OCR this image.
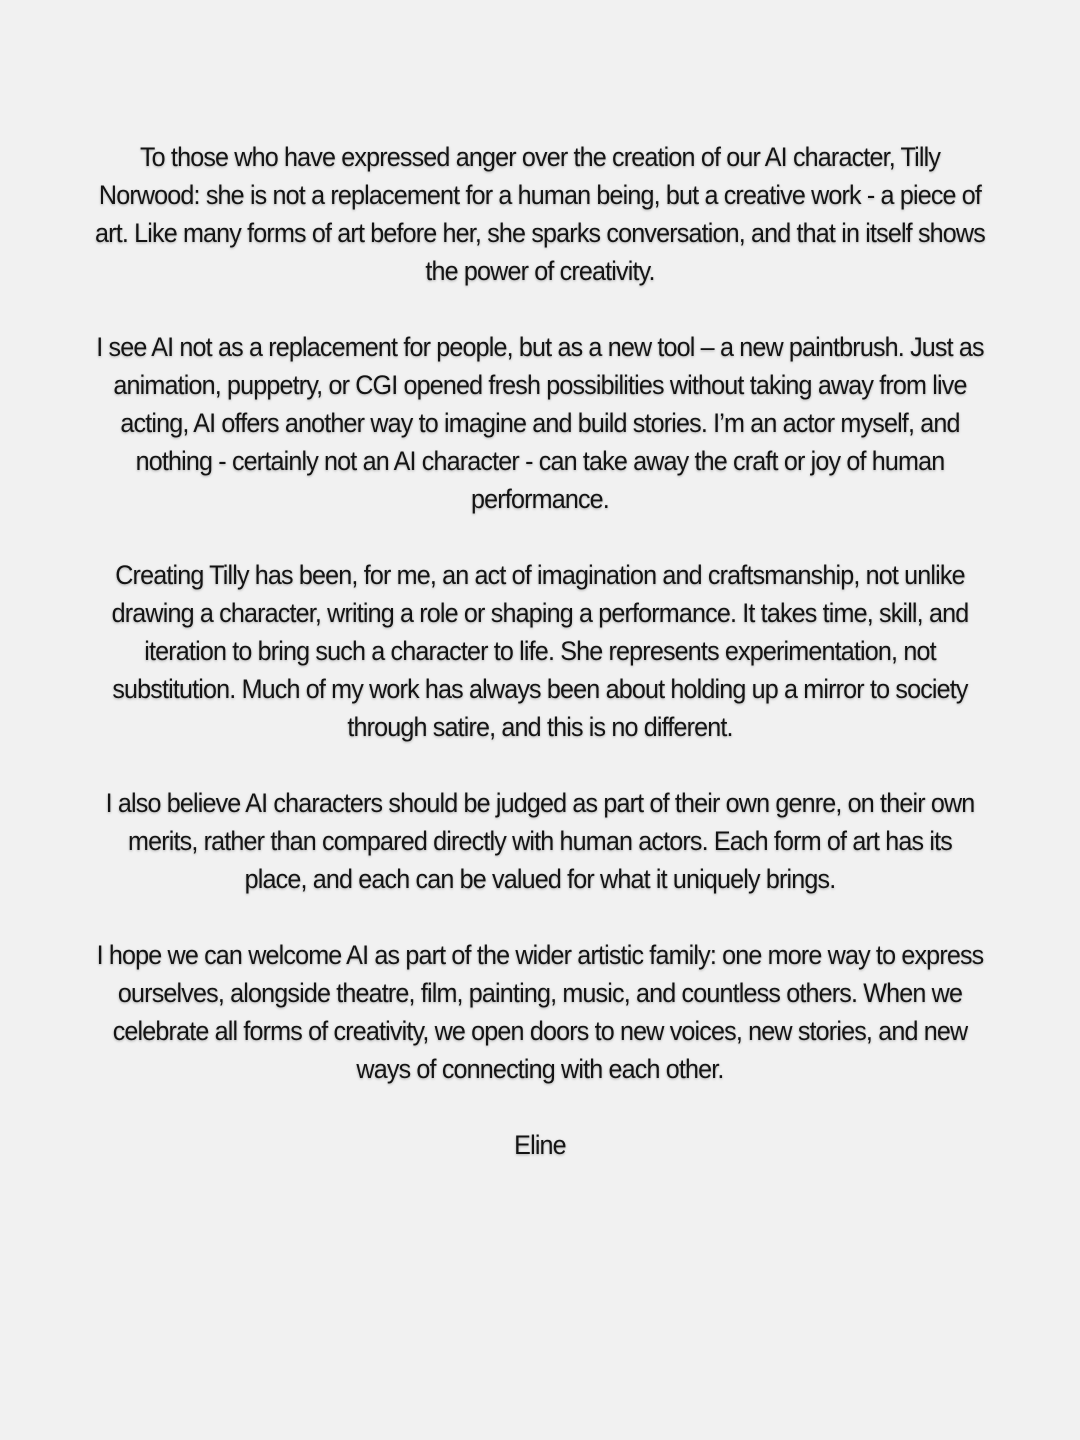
To those who have expressed anger over the creation of our AI character, Tilly
Norwood: she is not a replacement for a human being, but a creative work - a piece of
art. Like many forms of art before her, she sparks conversation, and that in itself shows
the power of creativity.

I see AI not as a replacement for people, but as a new tool – a new paintbrush. Just as
animation, puppetry, or CGI opened fresh possibilities without taking away from live
acting, AI offers another way to imagine and build stories. I’m an actor myself, and
nothing - certainly not an AI character - can take away the craft or joy of human
performance.

Creating Tilly has been, for me, an act of imagination and craftsmanship, not unlike
drawing a character, writing a role or shaping a performance. It takes time, skill, and
iteration to bring such a character to life. She represents experimentation, not
substitution. Much of my work has always been about holding up a mirror to society
through satire, and this is no different.

I also believe AI characters should be judged as part of their own genre, on their own
merits, rather than compared directly with human actors. Each form of art has its
place, and each can be valued for what it uniquely brings.

I hope we can welcome AI as part of the wider artistic family: one more way to express
ourselves, alongside theatre, film, painting, music, and countless others. When we
celebrate all forms of creativity, we open doors to new voices, new stories, and new
ways of connecting with each other.

Eline
